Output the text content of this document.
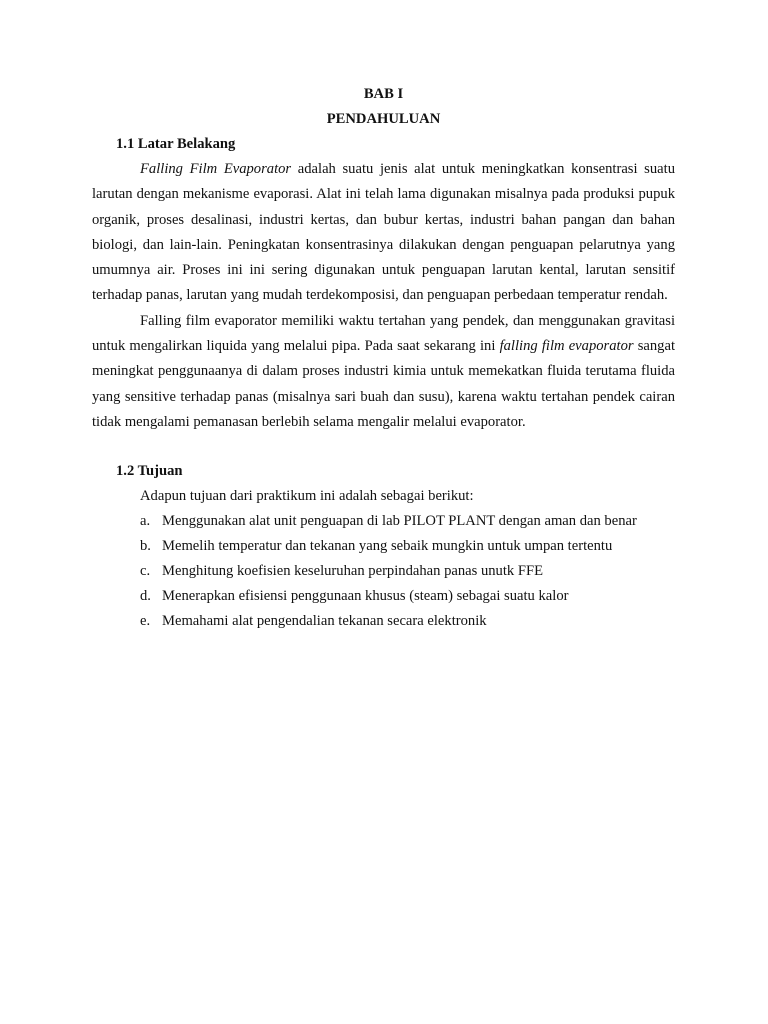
BAB I

PENDAHULUAN

1.1 Latar Belakang

Falling Film Evaporator adalah suatu jenis alat untuk meningkatkan konsentrasi suatu larutan dengan mekanisme evaporasi. Alat ini telah lama digunakan misalnya pada produksi pupuk organik, proses desalinasi, industri kertas, dan bubur kertas, industri bahan pangan dan bahan biologi, dan lain-lain. Peningkatan konsentrasinya dilakukan dengan penguapan pelarutnya yang umumnya air. Proses ini ini sering digunakan untuk penguapan larutan kental, larutan sensitif terhadap panas, larutan yang mudah terdekomposisi, dan penguapan perbedaan temperatur rendah.

Falling film evaporator memiliki waktu tertahan yang pendek, dan menggunakan gravitasi untuk mengalirkan liquida yang melalui pipa. Pada saat sekarang ini falling film evaporator sangat meningkat penggunaanya di dalam proses industri kimia untuk memekatkan fluida terutama fluida yang sensitive terhadap panas (misalnya sari buah dan susu), karena waktu tertahan pendek cairan tidak mengalami pemanasan berlebih selama mengalir melalui evaporator.

1.2 Tujuan

Adapun tujuan dari praktikum ini adalah sebagai berikut:

a. Menggunakan alat unit penguapan di lab PILOT PLANT dengan aman dan benar
b. Memelih temperatur dan tekanan yang sebaik mungkin untuk umpan tertentu
c. Menghitung koefisien keseluruhan perpindahan panas unutk FFE
d. Menerapkan efisiensi penggunaan khusus (steam) sebagai suatu kalor
e. Memahami alat pengendalian tekanan secara elektronik
